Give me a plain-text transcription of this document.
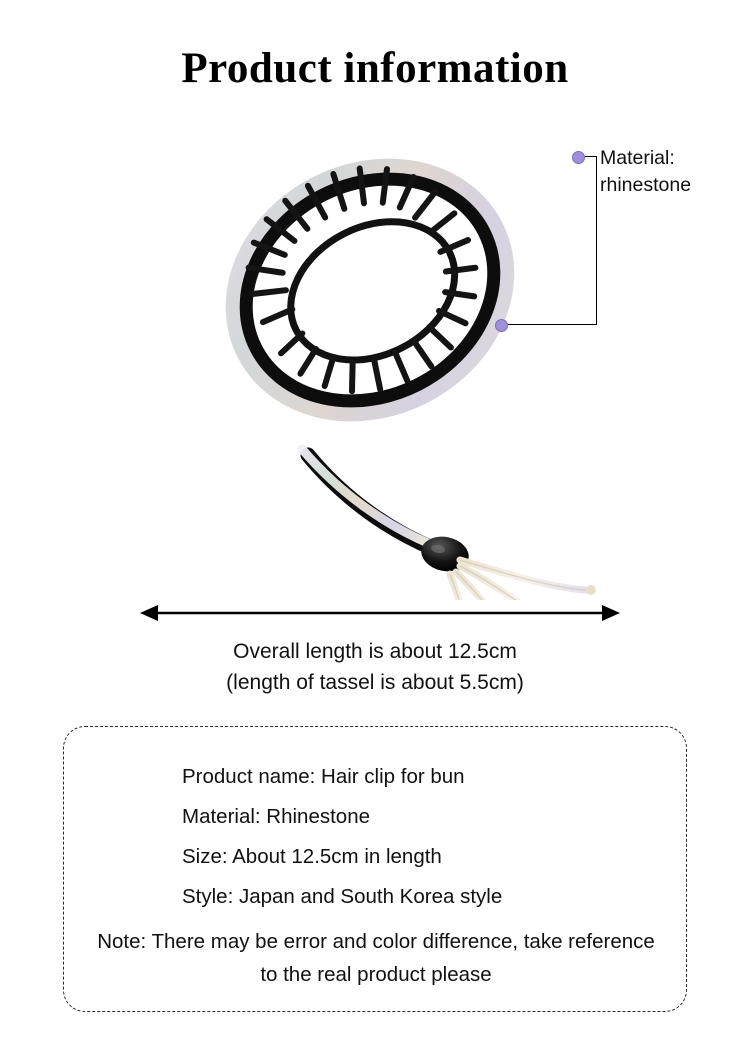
Product information
Material:
rhinestone
Overall length is about 12.5cm
(length of tassel is about 5.5cm)
Product name: Hair clip for bun
Material: Rhinestone
Size: About 12.5cm in length
Style: Japan and South Korea style
Note: There may be error and color difference, take reference to the real product please
